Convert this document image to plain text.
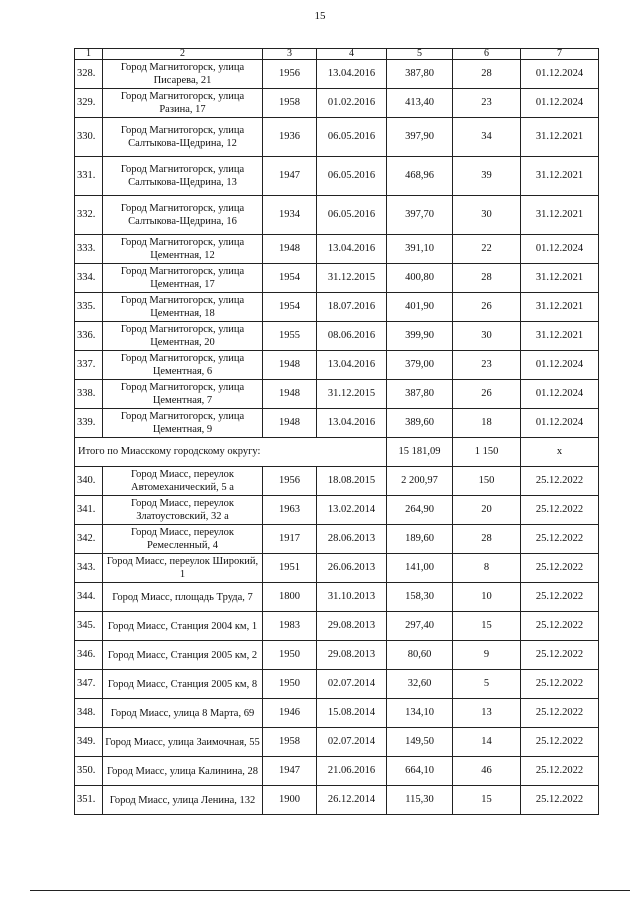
15
1	2	3	4	5	6	7
328.	Город Магнитогорск, улица Писарева, 21	1956	13.04.2016	387,80	28	01.12.2024
329.	Город Магнитогорск, улица Разина, 17	1958	01.02.2016	413,40	23	01.12.2024
330.	Город Магнитогорск, улица Салтыкова-Щедрина, 12	1936	06.05.2016	397,90	34	31.12.2021
331.	Город Магнитогорск, улица Салтыкова-Щедрина, 13	1947	06.05.2016	468,96	39	31.12.2021
332.	Город Магнитогорск, улица Салтыкова-Щедрина, 16	1934	06.05.2016	397,70	30	31.12.2021
333.	Город Магнитогорск, улица Цементная, 12	1948	13.04.2016	391,10	22	01.12.2024
334.	Город Магнитогорск, улица Цементная, 17	1954	31.12.2015	400,80	28	31.12.2021
335.	Город Магнитогорск, улица Цементная, 18	1954	18.07.2016	401,90	26	31.12.2021
336.	Город Магнитогорск, улица Цементная, 20	1955	08.06.2016	399,90	30	31.12.2021
337.	Город Магнитогорск, улица Цементная, 6	1948	13.04.2016	379,00	23	01.12.2024
338.	Город Магнитогорск, улица Цементная, 7	1948	31.12.2015	387,80	26	01.12.2024
339.	Город Магнитогорск, улица Цементная, 9	1948	13.04.2016	389,60	18	01.12.2024
Итого по Миасскому городскому округу:				15 181,09	1 150	x
340.	Город Миасс, переулок Автомеханический, 5 а	1956	18.08.2015	2 200,97	150	25.12.2022
341.	Город Миасс, переулок Златоустовский, 32 а	1963	13.02.2014	264,90	20	25.12.2022
342.	Город Миасс, переулок Ремесленный, 4	1917	28.06.2013	189,60	28	25.12.2022
343.	Город Миасс, переулок Широкий, 1	1951	26.06.2013	141,00	8	25.12.2022
344.	Город Миасс, площадь Труда, 7	1800	31.10.2013	158,30	10	25.12.2022
345.	Город Миасс, Станция 2004 км, 1	1983	29.08.2013	297,40	15	25.12.2022
346.	Город Миасс, Станция 2005 км, 2	1950	29.08.2013	80,60	9	25.12.2022
347.	Город Миасс, Станция 2005 км, 8	1950	02.07.2014	32,60	5	25.12.2022
348.	Город Миасс, улица 8 Марта, 69	1946	15.08.2014	134,10	13	25.12.2022
349.	Город Миасс, улица Заимочная, 55	1958	02.07.2014	149,50	14	25.12.2022
350.	Город Миасс, улица Калинина, 28	1947	21.06.2016	664,10	46	25.12.2022
351.	Город Миасс, улица Ленина, 132	1900	26.12.2014	115,30	15	25.12.2022
